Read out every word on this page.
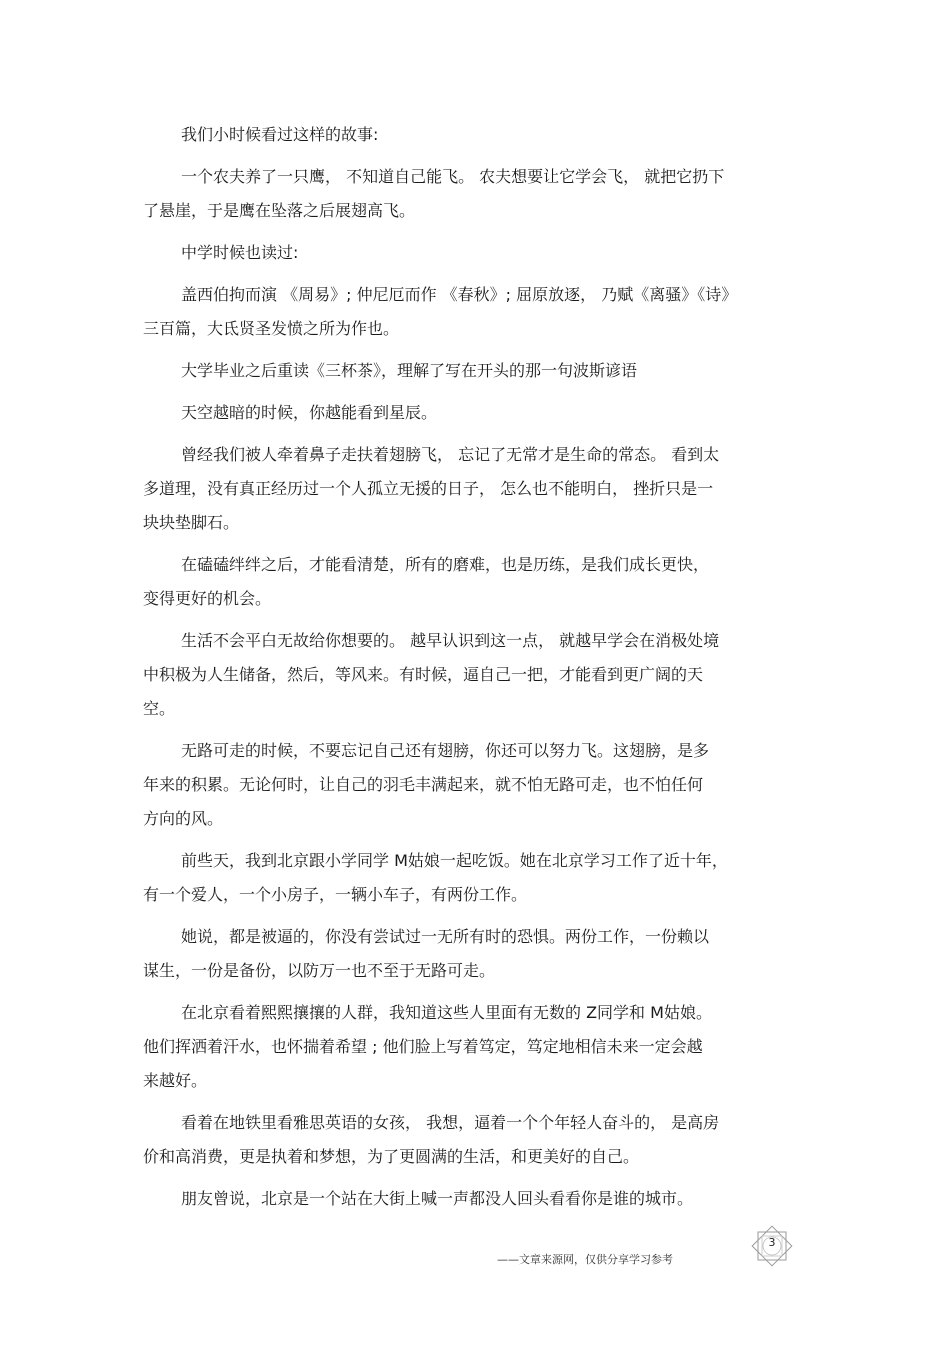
我们小时候看过这样的故事:
一个农夫养了一只鹰， 不知道自己能飞。 农夫想要让它学会飞， 就把它扔下
了悬崖，于是鹰在坠落之后展翅高飞。
中学时候也读过:
盖西伯拘而演 《周易》; 仲尼厄而作 《春秋》; 屈原放逐， 乃赋《离骚》《诗》
三百篇，大氐贤圣发愤之所为作也。
大学毕业之后重读《三杯茶》，理解了写在开头的那一句波斯谚语
天空越暗的时候，你越能看到星辰。
曾经我们被人牵着鼻子走扶着翅膀飞， 忘记了无常才是生命的常态。 看到太
多道理，没有真正经历过一个人孤立无援的日子， 怎么也不能明白， 挫折只是一
块块垫脚石。
在磕磕绊绊之后，才能看清楚，所有的磨难，也是历练，是我们成长更快，
变得更好的机会。
生活不会平白无故给你想要的。 越早认识到这一点， 就越早学会在消极处境
中积极为人生储备，然后，等风来。有时候，逼自己一把，才能看到更广阔的天
空。
无路可走的时候，不要忘记自己还有翅膀，你还可以努力飞。这翅膀，是多
年来的积累。无论何时，让自己的羽毛丰满起来，就不怕无路可走，也不怕任何
方向的风。
前些天，我到北京跟小学同学 M姑娘一起吃饭。她在北京学习工作了近十年，
有一个爱人，一个小房子，一辆小车子，有两份工作。
她说，都是被逼的，你没有尝试过一无所有时的恐惧。两份工作，一份赖以
谋生，一份是备份，以防万一也不至于无路可走。
在北京看着熙熙攘攘的人群，我知道这些人里面有无数的 Z同学和 M姑娘。
他们挥洒着汗水，也怀揣着希望 ; 他们脸上写着笃定，笃定地相信未来一定会越
来越好。
看着在地铁里看雅思英语的女孩， 我想，逼着一个个年轻人奋斗的， 是高房
价和高消费，更是执着和梦想，为了更圆满的生活，和更美好的自己。
朋友曾说，北京是一个站在大街上喊一声都没人回头看看你是谁的城市。
3
——文章来源网，仅供分享学习参考
